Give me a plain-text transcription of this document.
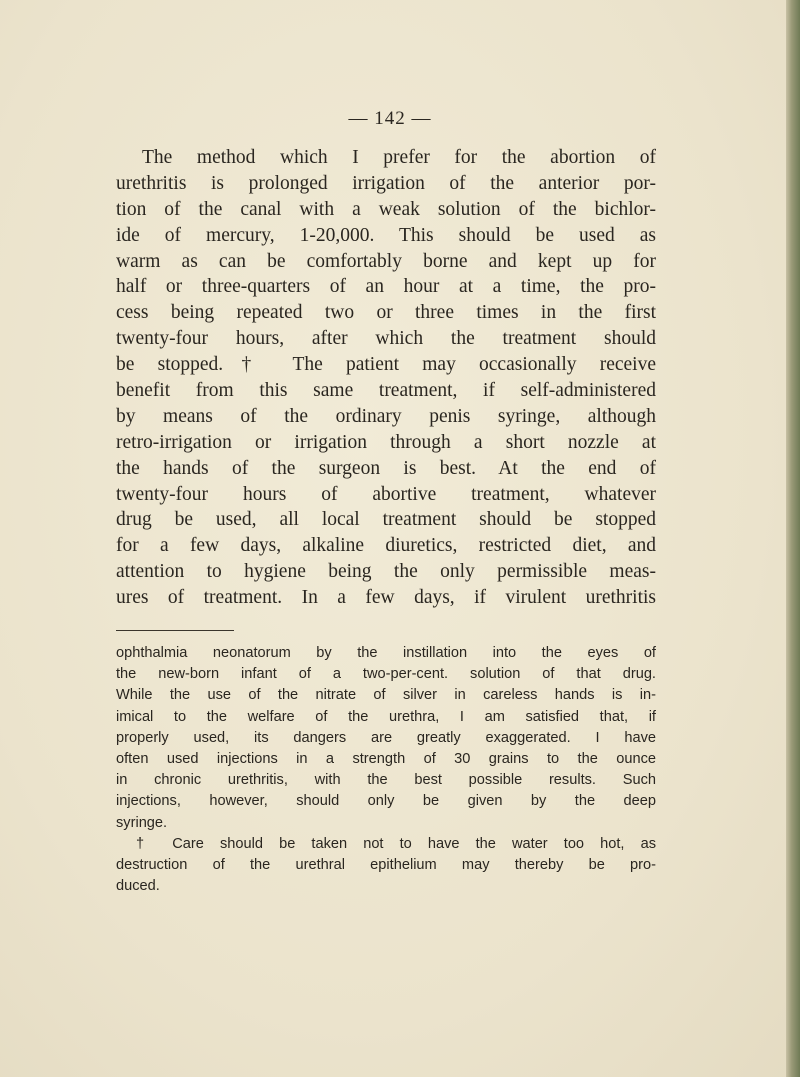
— 142 —
The method which I prefer for the abortion of
urethritis is prolonged irrigation of the anterior por-
tion of the canal with a weak solution of the bichlor-
ide of mercury, 1-20,000. This should be used as
warm as can be comfortably borne and kept up for
half or three-quarters of an hour at a time, the pro-
cess being repeated two or three times in the first
twenty-four hours, after which the treatment should
be stopped.† The patient may occasionally receive
benefit from this same treatment, if self-administered
by means of the ordinary penis syringe, although
retro-irrigation or irrigation through a short nozzle at
the hands of the surgeon is best. At the end of
twenty-four hours of abortive treatment, whatever
drug be used, all local treatment should be stopped
for a few days, alkaline diuretics, restricted diet, and
attention to hygiene being the only permissible meas-
ures of treatment. In a few days, if virulent urethritis
ophthalmia neonatorum by the instillation into the eyes of
the new-born infant of a two-per-cent. solution of that drug.
While the use of the nitrate of silver in careless hands is in-
imical to the welfare of the urethra, I am satisfied that, if
properly used, its dangers are greatly exaggerated. I have
often used injections in a strength of 30 grains to the ounce
in chronic urethritis, with the best possible results. Such
injections, however, should only be given by the deep
syringe.
† Care should be taken not to have the water too hot, as
destruction of the urethral epithelium may thereby be pro-
duced.
